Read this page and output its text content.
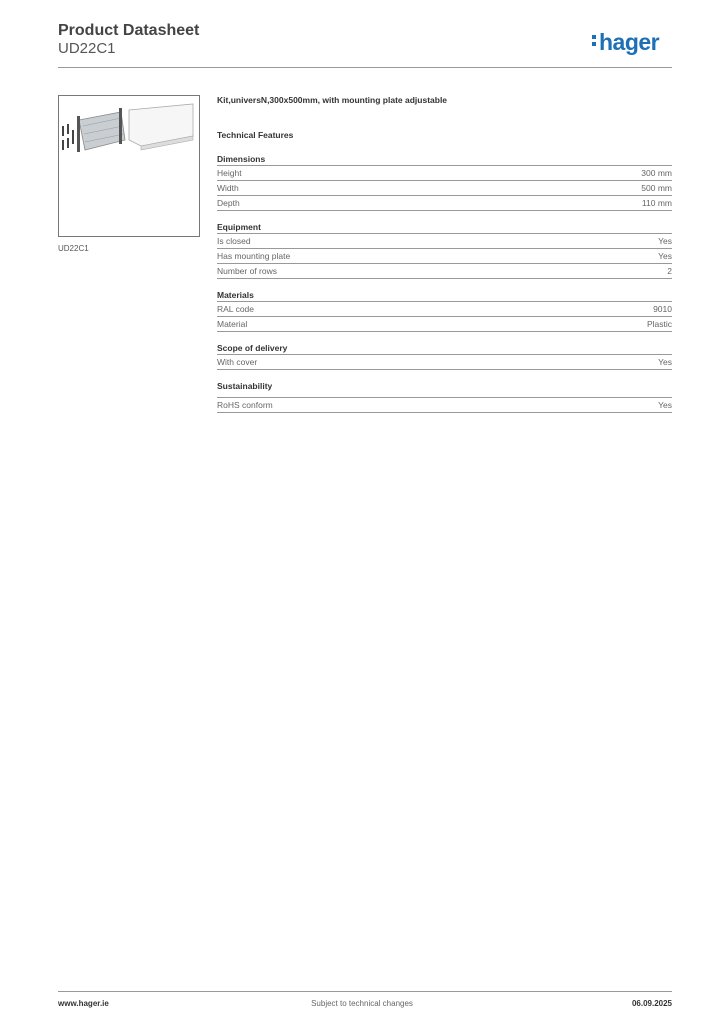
Product Datasheet
UD22C1	hager
UD22C1
Kit,universN,300x500mm, with mounting plate adjustable
Technical Features
Dimensions
Height	300 mm
Width	500 mm
Depth	110 mm
Equipment
Is closed	Yes
Has mounting plate	Yes
Number of rows	2
Materials
RAL code	9010
Material	Plastic
Scope of delivery
With cover	Yes
Sustainability
RoHS conform	Yes
www.hager.ie	Subject to technical changes	06.09.2025
